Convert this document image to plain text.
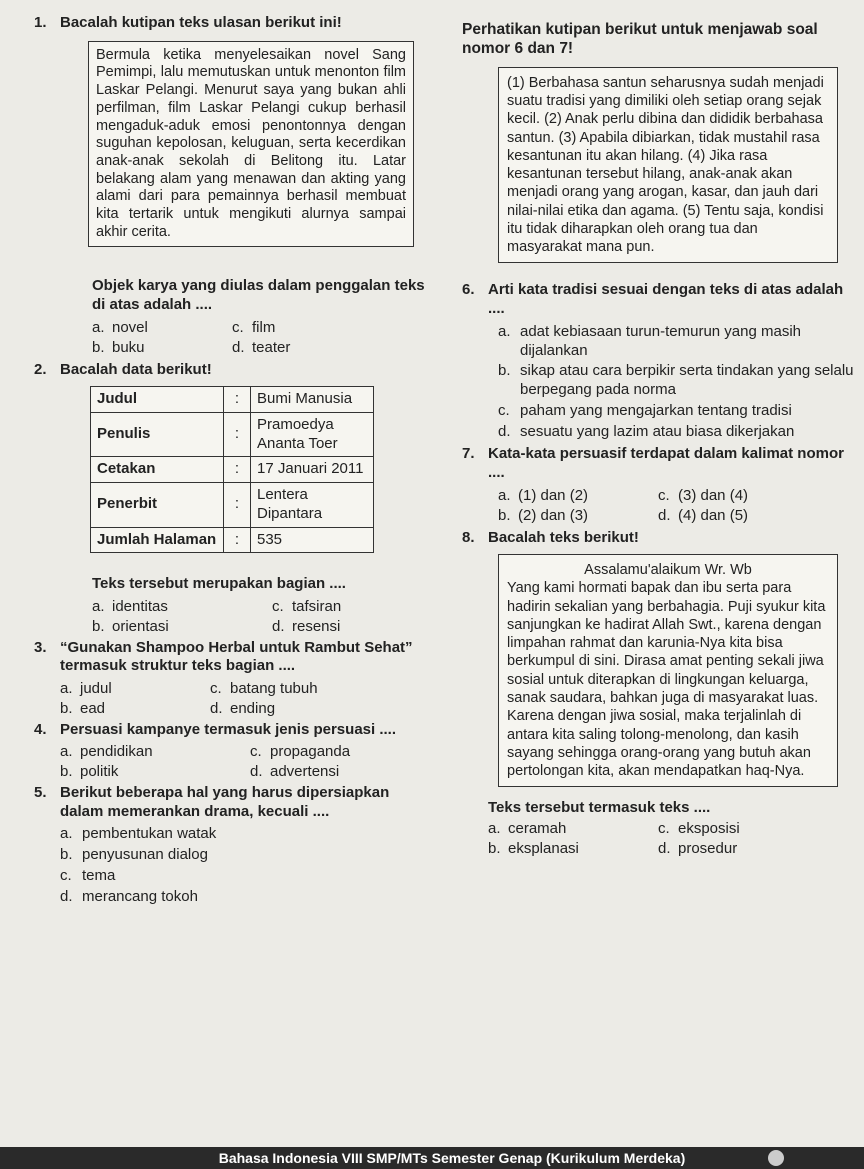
1. Bacalah kutipan teks ulasan berikut ini!

Bermula ketika menyelesaikan novel Sang Pemimpi, lalu memutuskan untuk menonton film Laskar Pelangi. Menurut saya yang bukan ahli perfilman, film Laskar Pelangi cukup berhasil mengaduk-aduk emosi penontonnya dengan suguhan kepolosan, keluguan, serta kecerdikan anak-anak sekolah di Belitong itu. Latar belakang alam yang menawan dan akting yang alami dari para pemainnya berhasil membuat kita tertarik untuk mengikuti alurnya sampai akhir cerita.

Objek karya yang diulas dalam penggalan teks di atas adalah ....
a. novel	c. film
b. buku	d. teater
2. Bacalah data berikut!
Judul	:	Bumi Manusia
Penulis	:	Pramoedya Ananta Toer
Cetakan	:	17 Januari 2011
Penerbit	:	Lentera Dipantara
Jumlah Halaman	:	535
Teks tersebut merupakan bagian ....
a. identitas	c. tafsiran
b. orientasi	d. resensi
3. “Gunakan Shampoo Herbal untuk Rambut Sehat” termasuk struktur teks bagian ....
a. judul	c. batang tubuh
b. ead	d. ending
4. Persuasi kampanye termasuk jenis persuasi ....
a. pendidikan	c. propaganda
b. politik	d. advertensi
5. Berikut beberapa hal yang harus dipersiapkan dalam memerankan drama, kecuali ....
a. pembentukan watak
b. penyusunan dialog
c. tema
d. merancang tokoh
Perhatikan kutipan berikut untuk menjawab soal nomor 6 dan 7!

(1) Berbahasa santun seharusnya sudah menjadi suatu tradisi yang dimiliki oleh setiap orang sejak kecil. (2) Anak perlu dibina dan dididik berbahasa santun. (3) Apabila dibiarkan, tidak mustahil rasa kesantunan itu akan hilang. (4) Jika rasa kesantunan tersebut hilang, anak-anak akan menjadi orang yang arogan, kasar, dan jauh dari nilai-nilai etika dan agama. (5) Tentu saja, kondisi itu tidak diharapkan oleh orang tua dan masyarakat mana pun.

6. Arti kata tradisi sesuai dengan teks di atas adalah ....
a. adat kebiasaan turun-temurun yang masih dijalankan
b. sikap atau cara berpikir serta tindakan yang selalu berpegang pada norma
c. paham yang mengajarkan tentang tradisi
d. sesuatu yang lazim atau biasa dikerjakan
7. Kata-kata persuasif terdapat dalam kalimat nomor ....
a. (1) dan (2)	c. (3) dan (4)
b. (2) dan (3)	d. (4) dan (5)
8. Bacalah teks berikut!

Assalamu'alaikum Wr. Wb

Yang kami hormati bapak dan ibu serta para hadirin sekalian yang berbahagia. Puji syukur kita sanjungkan ke hadirat Allah Swt., karena dengan limpahan rahmat dan karunia-Nya kita bisa berkumpul di sini. Dirasa amat penting sekali jiwa sosial untuk diterapkan di lingkungan keluarga, sanak saudara, bahkan juga di masyarakat luas. Karena dengan jiwa sosial, maka terjalinlah di antara kita saling tolong-menolong, dan kasih sayang sehingga orang-orang yang butuh akan pertolongan kita, akan mendapatkan haq-Nya.

Teks tersebut termasuk teks ....
a. ceramah	c. eksposisi
b. eksplanasi	d. prosedur
Bahasa Indonesia VIII SMP/MTs Semester Genap (Kurikulum Merdeka)
